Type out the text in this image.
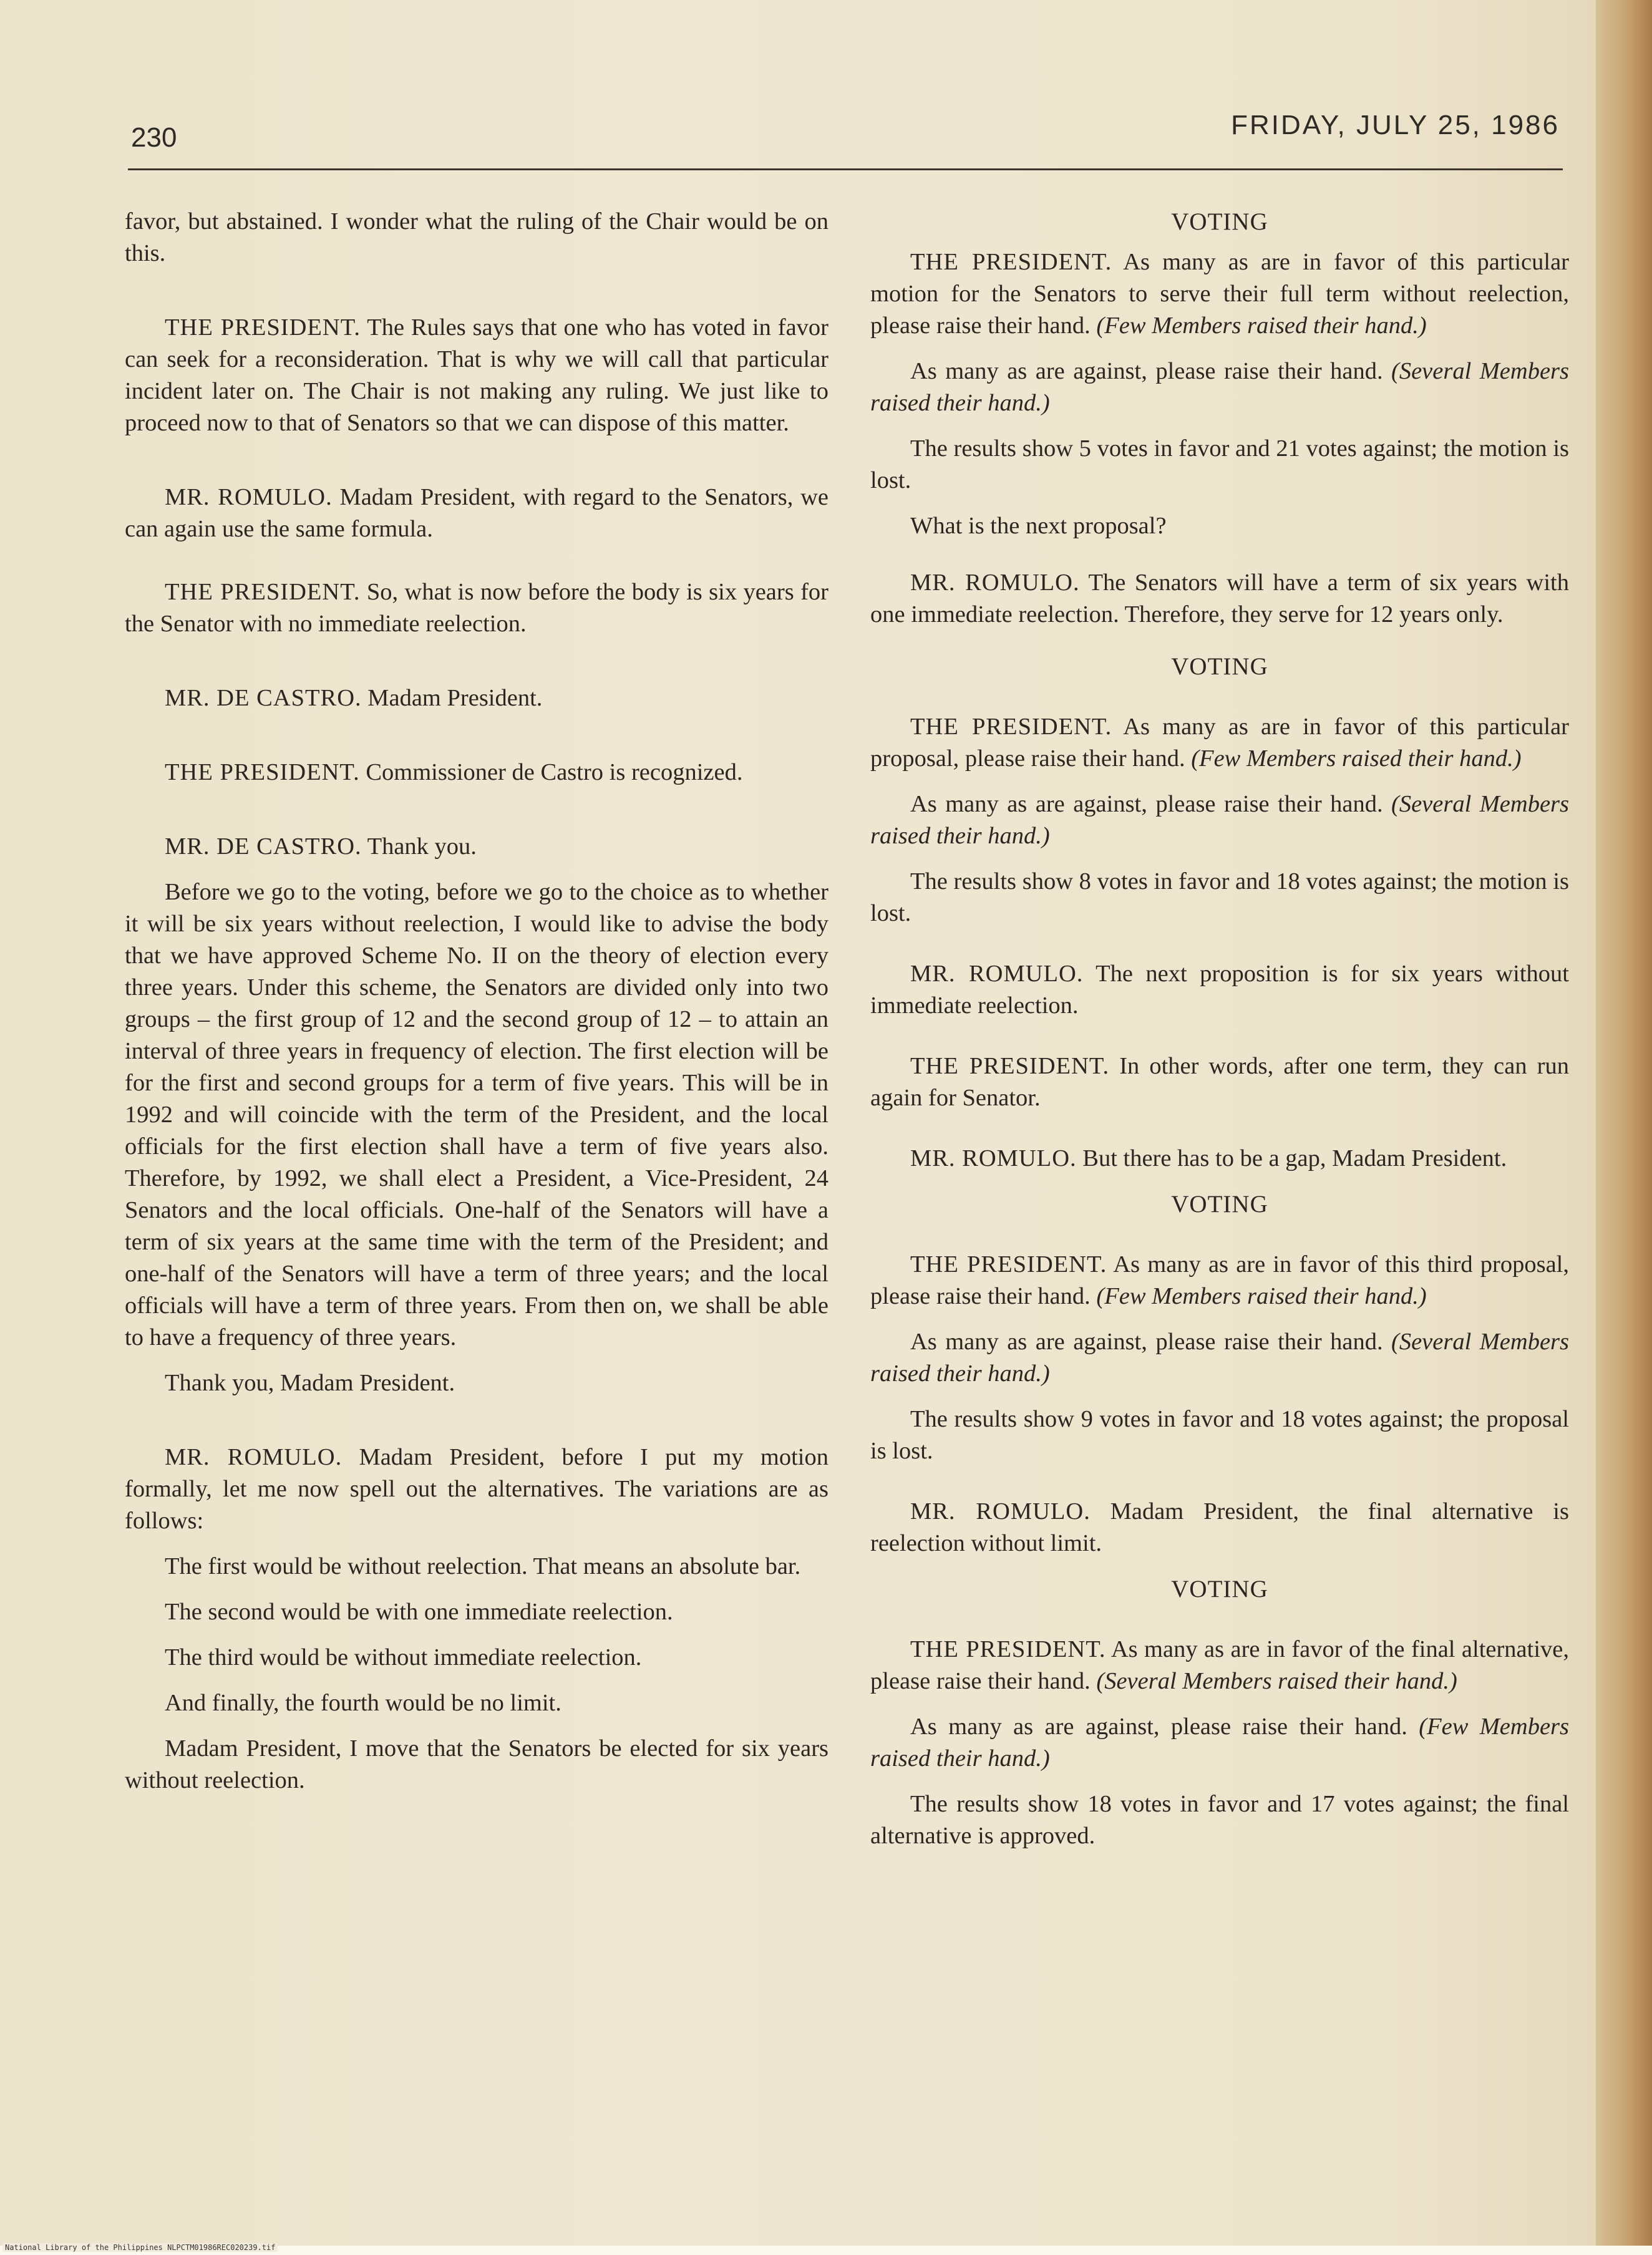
230	FRIDAY, JULY 25, 1986

favor, but abstained. I wonder what the ruling of the Chair would be on this.

THE PRESIDENT. The Rules says that one who has voted in favor can seek for a reconsideration. That is why we will call that particular incident later on. The Chair is not making any ruling. We just like to proceed now to that of Senators so that we can dispose of this matter.

MR. ROMULO. Madam President, with regard to the Senators, we can again use the same formula.

THE PRESIDENT. So, what is now before the body is six years for the Senator with no immediate reelection.

MR. DE CASTRO. Madam President.

THE PRESIDENT. Commissioner de Castro is recognized.

MR. DE CASTRO. Thank you.

Before we go to the voting, before we go to the choice as to whether it will be six years without reelection, I would like to advise the body that we have approved Scheme No. II on the theory of election every three years. Under this scheme, the Senators are divided only into two groups – the first group of 12 and the second group of 12 – to attain an interval of three years in frequency of election. The first election will be for the first and second groups for a term of five years. This will be in 1992 and will coincide with the term of the President, and the local officials for the first election shall have a term of five years also. Therefore, by 1992, we shall elect a President, a Vice-President, 24 Senators and the local officials. One-half of the Senators will have a term of six years at the same time with the term of the President; and one-half of the Senators will have a term of three years; and the local officials will have a term of three years. From then on, we shall be able to have a frequency of three years.

Thank you, Madam President.

MR. ROMULO. Madam President, before I put my motion formally, let me now spell out the alternatives. The variations are as follows:

The first would be without reelection. That means an absolute bar.

The second would be with one immediate reelection.

The third would be without immediate reelection.

And finally, the fourth would be no limit.

Madam President, I move that the Senators be elected for six years without reelection.

VOTING

THE PRESIDENT. As many as are in favor of this particular motion for the Senators to serve their full term without reelection, please raise their hand. (Few Members raised their hand.)

As many as are against, please raise their hand. (Several Members raised their hand.)

The results show 5 votes in favor and 21 votes against; the motion is lost.

What is the next proposal?

MR. ROMULO. The Senators will have a term of six years with one immediate reelection. Therefore, they serve for 12 years only.

VOTING

THE PRESIDENT. As many as are in favor of this particular proposal, please raise their hand. (Few Members raised their hand.)

As many as are against, please raise their hand. (Several Members raised their hand.)

The results show 8 votes in favor and 18 votes against; the motion is lost.

MR. ROMULO. The next proposition is for six years without immediate reelection.

THE PRESIDENT. In other words, after one term, they can run again for Senator.

MR. ROMULO. But there has to be a gap, Madam President.

VOTING

THE PRESIDENT. As many as are in favor of this third proposal, please raise their hand. (Few Members raised their hand.)

As many as are against, please raise their hand. (Several Members raised their hand.)

The results show 9 votes in favor and 18 votes against; the proposal is lost.

MR. ROMULO. Madam President, the final alternative is reelection without limit.

VOTING

THE PRESIDENT. As many as are in favor of the final alternative, please raise their hand. (Several Members raised their hand.)

As many as are against, please raise their hand. (Few Members raised their hand.)

The results show 18 votes in favor and 17 votes against; the final alternative is approved.

National Library of the Philippines NLPCTM01986REC020239.tif
